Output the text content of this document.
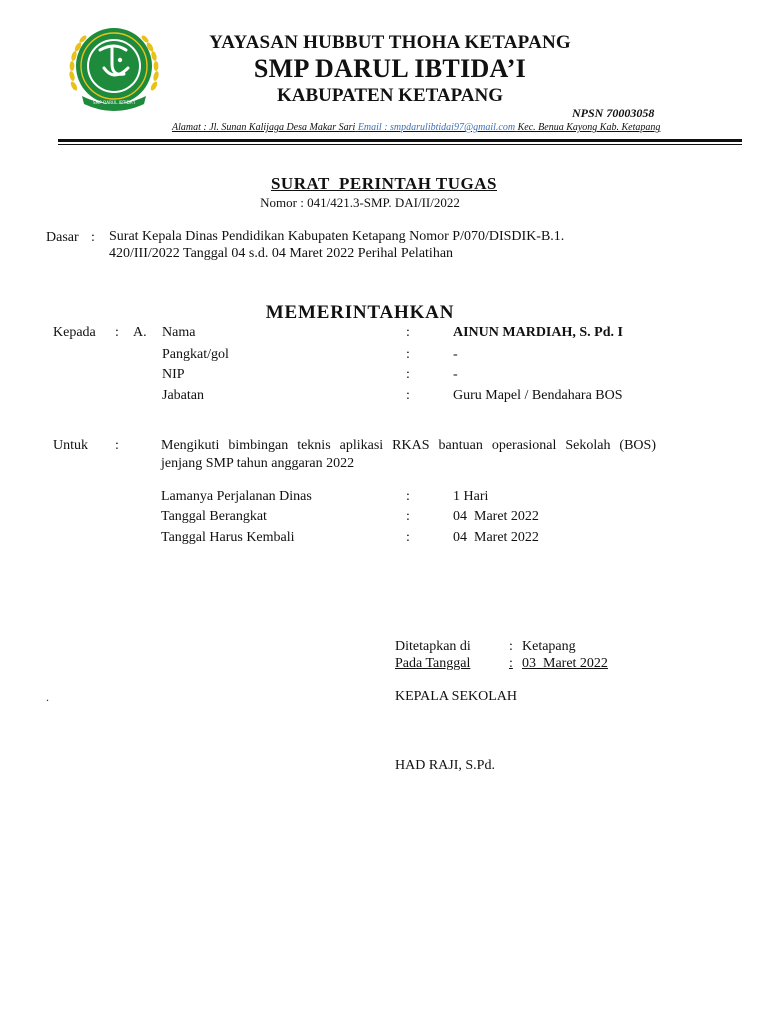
SMP DARUL IBTIDA'I
YAYASAN HUBBUT THOHA KETAPANG
SMP DARUL IBTIDA’I
KABUPATEN KETAPANG
NPSN 70003058
Alamat : Jl. Sunan Kalijaga Desa Makar Sari Email : smpdarulibtidai97@gmail.com Kec. Benua Kayong Kab. Ketapang
SURAT  PERINTAH TUGAS
Nomor : 041/421.3-SMP. DAI/II/2022
Dasar : Surat Kepala Dinas Pendidikan Kabupaten Ketapang Nomor P/070/DISDIK-B.1.
420/III/2022 Tanggal 04 s.d. 04 Maret 2022 Perihal Pelatihan
MEMERINTAHKAN
Kepada : A. Nama	:	AINUN MARDIAH, S. Pd. I
Pangkat/gol	:	-
NIP	:	-
Jabatan	:	Guru Mapel / Bendahara BOS
Untuk :	Mengikuti bimbingan teknis aplikasi RKAS bantuan operasional Sekolah (BOS) jenjang SMP tahun anggaran 2022
Lamanya Perjalanan Dinas	:	1 Hari
Tanggal Berangkat	:	04  Maret 2022
Tanggal Harus Kembali	:	04  Maret 2022
Ditetapkan di	: Ketapang
Pada Tanggal	: 03  Maret 2022
.	KEPALA SEKOLAH
HAD RAJI, S.Pd.
